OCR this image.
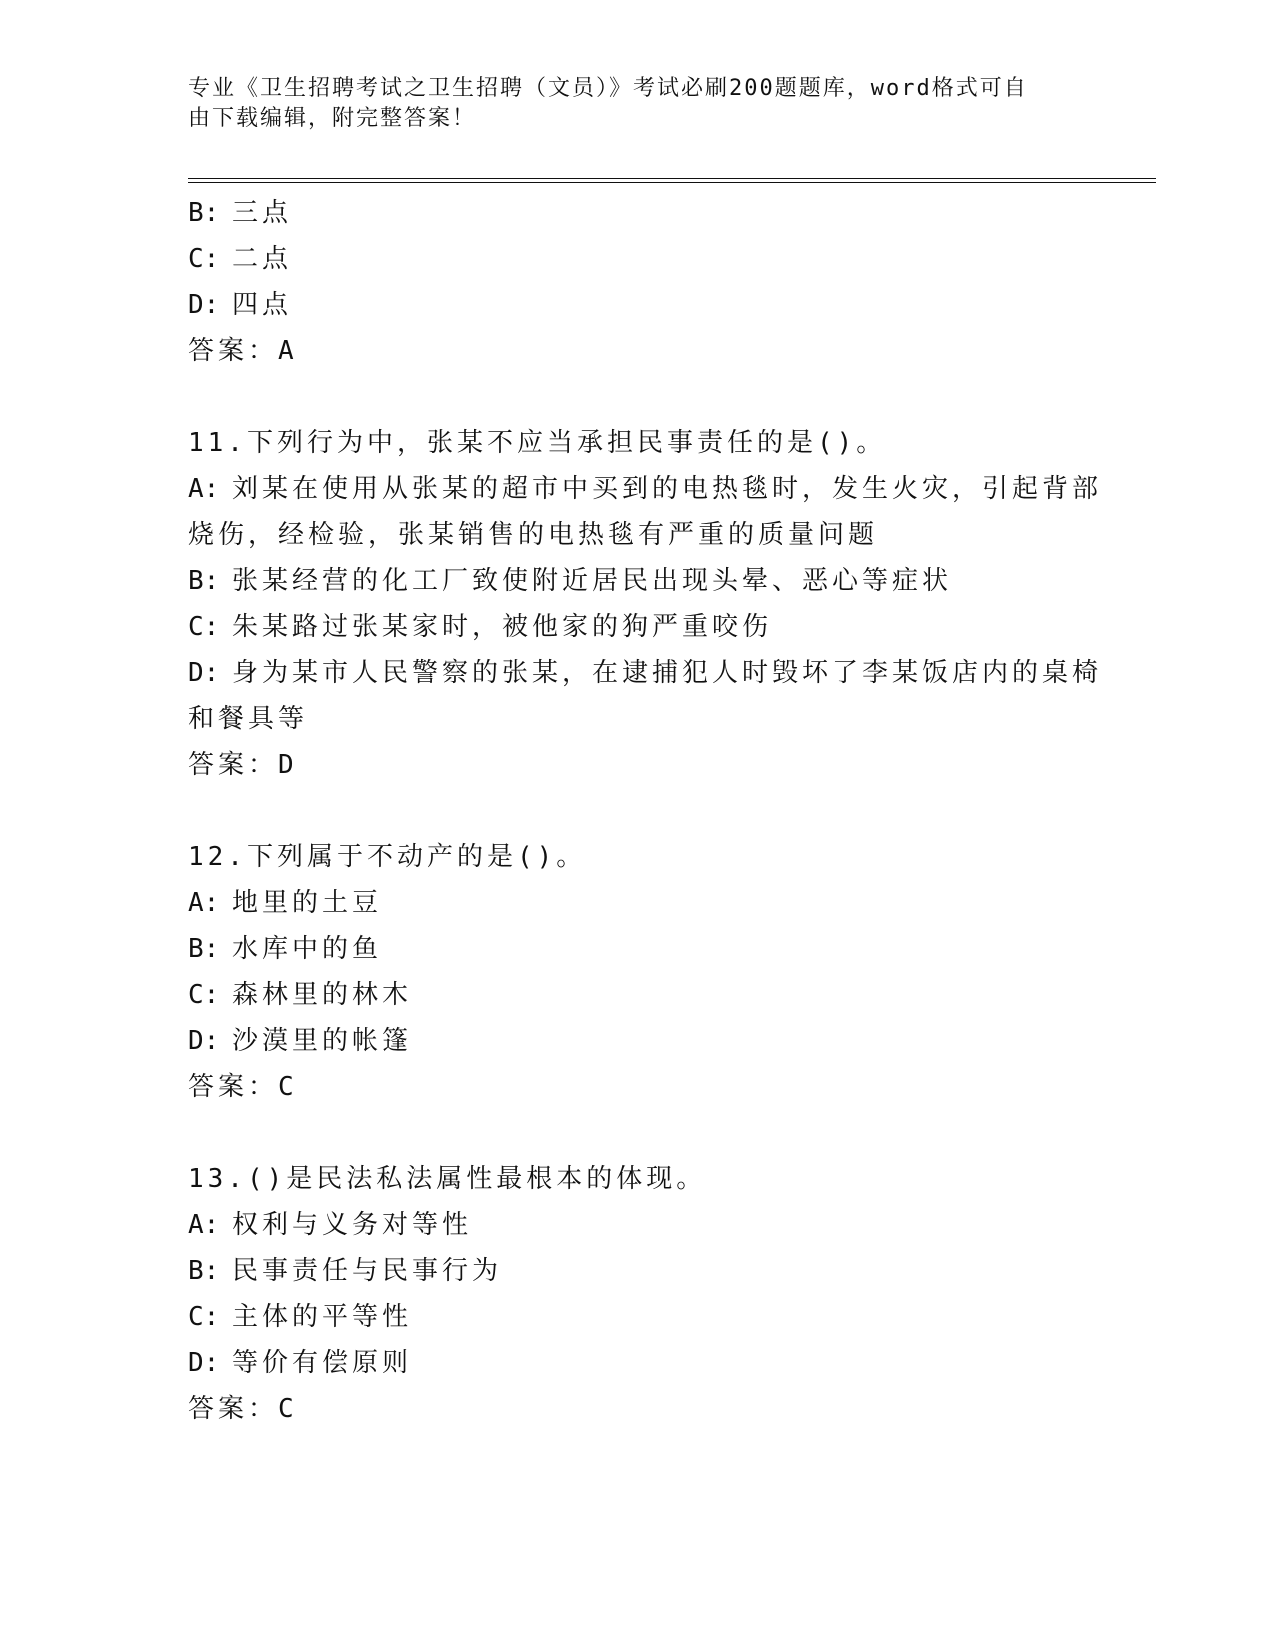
专业《卫生招聘考试之卫生招聘（文员）》考试必刷200题题库，word格式可自
由下载编辑，附完整答案！
B: 三点
C: 二点
D: 四点
答案：A
11.下列行为中，张某不应当承担民事责任的是()。
A: 刘某在使用从张某的超市中买到的电热毯时，发生火灾，引起背部
烧伤，经检验，张某销售的电热毯有严重的质量问题
B: 张某经营的化工厂致使附近居民出现头晕、恶心等症状
C: 朱某路过张某家时，被他家的狗严重咬伤
D: 身为某市人民警察的张某，在逮捕犯人时毁坏了李某饭店内的桌椅
和餐具等
答案：D
12.下列属于不动产的是()。
A: 地里的土豆
B: 水库中的鱼
C: 森林里的林木
D: 沙漠里的帐篷
答案：C
13.()是民法私法属性最根本的体现。
A: 权利与义务对等性
B: 民事责任与民事行为
C: 主体的平等性
D: 等价有偿原则
答案：C
